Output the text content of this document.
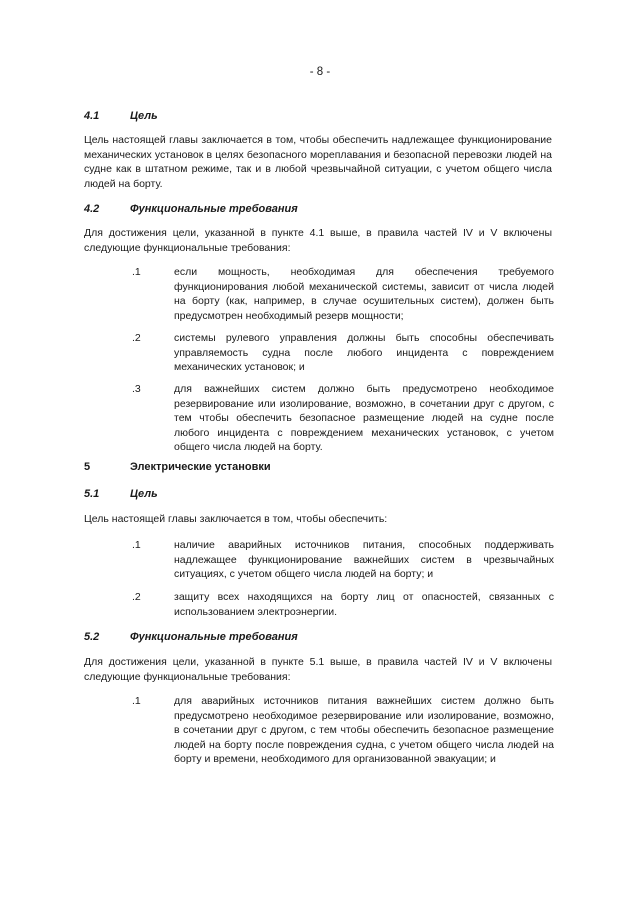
- 8 -
4.1	Цель
Цель настоящей главы заключается в том, чтобы обеспечить надлежащее функционирование механических установок в целях безопасного мореплавания и безопасной перевозки людей на судне как в штатном режиме, так и в любой чрезвычайной ситуации, с учетом общего числа людей на борту.
4.2	Функциональные требования
Для достижения цели, указанной в пункте 4.1 выше, в правила частей IV и V включены следующие функциональные требования:
.1	если мощность, необходимая для обеспечения требуемого функционирования любой механической системы, зависит от числа людей на борту (как, например, в случае осушительных систем), должен быть предусмотрен необходимый резерв мощности;
.2	системы рулевого управления должны быть способны обеспечивать управляемость судна после любого инцидента с повреждением механических установок; и
.3	для важнейших систем должно быть предусмотрено необходимое резервирование или изолирование, возможно, в сочетании друг с другом, с тем чтобы обеспечить безопасное размещение людей на судне после любого инцидента с повреждением механических установок, с учетом общего числа людей на борту.
5	Электрические установки
5.1	Цель
Цель настоящей главы заключается в том, чтобы обеспечить:
.1	наличие аварийных источников питания, способных поддерживать надлежащее функционирование важнейших систем в чрезвычайных ситуациях, с учетом общего числа людей на борту; и
.2	защиту всех находящихся на борту лиц от опасностей, связанных с использованием электроэнергии.
5.2	Функциональные требования
Для достижения цели, указанной в пункте 5.1 выше, в правила частей IV и V включены следующие функциональные требования:
.1	для аварийных источников питания важнейших систем должно быть предусмотрено необходимое резервирование или изолирование, возможно, в сочетании друг с другом, с тем чтобы обеспечить безопасное размещение людей на борту после повреждения судна, с учетом общего числа людей на борту и времени, необходимого для организованной эвакуации; и
